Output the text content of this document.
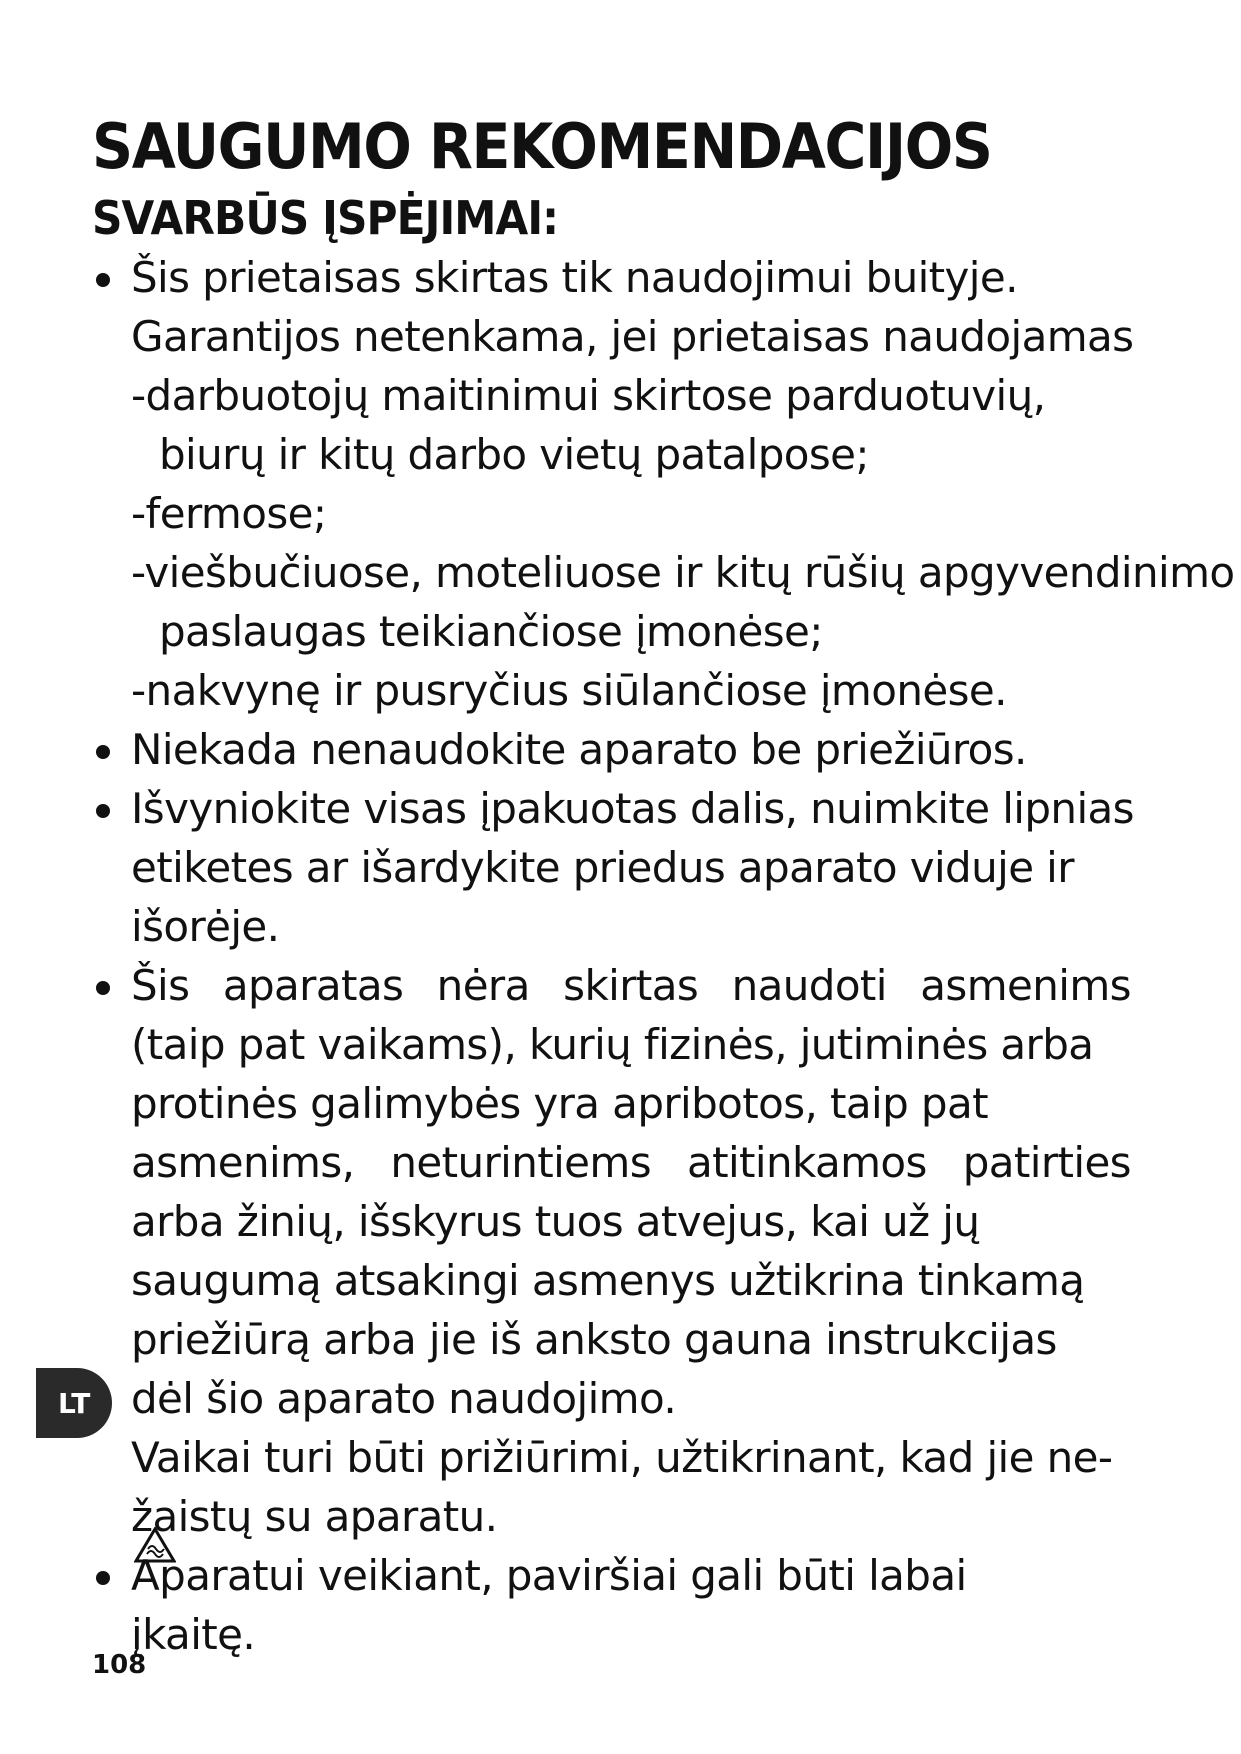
SAUGUMO REKOMENDACIJOS
SVARBŪS ĮSPĖJIMAI:
Šis prietaisas skirtas tik naudojimui buityje.
Garantijos netenkama, jei prietaisas naudojamas
-darbuotojų maitinimui skirtose parduotuvių,
biurų ir kitų darbo vietų patalpose;
-fermose;
-viešbučiuose, moteliuose ir kitų rūšių apgyvendinimo
paslaugas teikiančiose įmonėse;
-nakvynę ir pusryčius siūlančiose įmonėse.
Niekada nenaudokite aparato be priežiūros.
Išvyniokite visas įpakuotas dalis, nuimkite lipnias
etiketes ar išardykite priedus aparato viduje ir
išorėje.
Šis aparatas nėra skirtas naudoti asmenims
(taip pat vaikams), kurių fizinės, jutiminės arba
protinės galimybės yra apribotos, taip pat
asmenims, neturintiems atitinkamos patirties
arba žinių, išskyrus tuos atvejus, kai už jų
saugumą atsakingi asmenys užtikrina tinkamą
priežiūrą arba jie iš anksto gauna instrukcijas
dėl šio aparato naudojimo.
Vaikai turi būti prižiūrimi, užtikrinant, kad jie ne-
žaistų su aparatu.
Aparatui veikiant, paviršiai gali būti labai
įkaitę.
LT
108
